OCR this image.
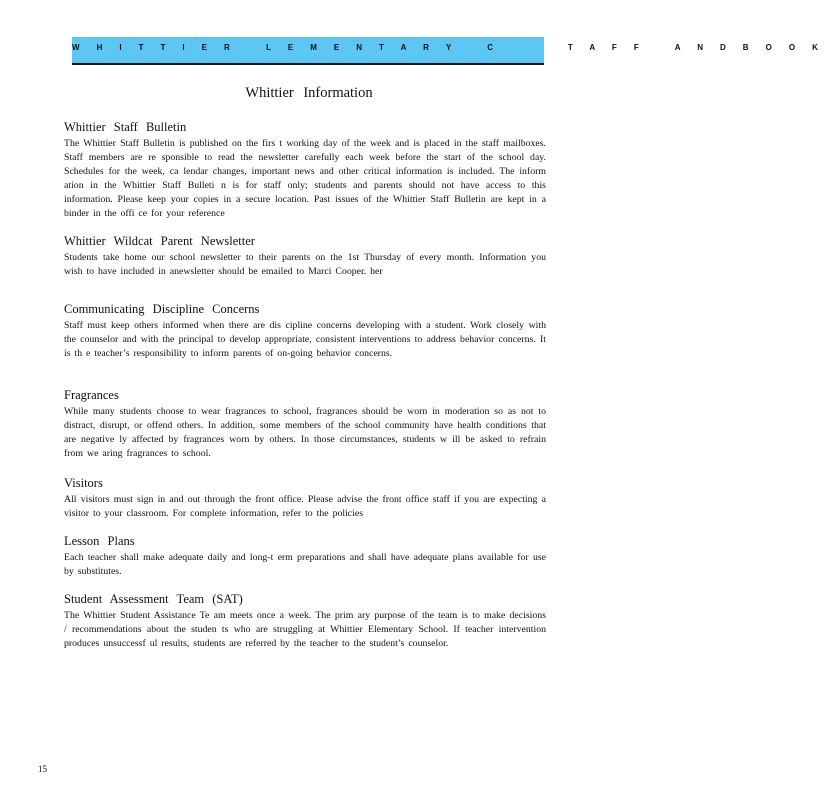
W H I T T I E R   L E M E N T A R Y   C       T A F F   A N D B O O K
Whittier Information
Whittier Staff Bulletin

The Whittier Staff Bulletin is published on the firs t working day of the week and is placed in the staff mailboxes. Staff members are re sponsible to read the newsletter carefully each week before the start of the school day. Schedules for the week, ca lendar changes, important news and other critical information is included. The inform ation in the Whittier Staff Bulleti n is for staff only; students and parents should not have access to this information. Please keep your copies in a secure location. Past issues of the Whittier Staff Bulletin are kept in a binder in the offi ce for your reference

Whittier Wildcat Parent Newsletter

Students take home our school newsletter to their parents on the 1st Thursday of every month. Information you wish to have included in anewsletter should be emailed to Marci Cooper. her

Communicating Discipline Concerns

Staff must keep others informed when there are dis cipline concerns developing with a student. Work closely with the counselor and with the principal to develop appropriate, consistent interventions to address behavior concerns. It is th e teacher’s responsibility to inform parents of on-going behavior concerns.

Fragrances

While many students choose to wear fragrances to school, fragrances should be worn in moderation so as not to distract, disrupt, or offend others. In addition, some members of the school community have health conditions that are negative ly affected by fragrances worn by others. In those circumstances, students w ill be asked to refrain from we aring fragrances to school.

Visitors

All visitors must sign in and out through the front office. Please advise the front office staff if you are expecting a visitor to your classroom. For complete information, refer to the policies

Lesson Plans

Each teacher shall make adequate daily and long-t erm preparations and shall have adequate plans available for use by substitutes.

Student Assessment Team (SAT)

The Whittier Student Assistance Te am meets once a week. The prim ary purpose of the team is to make decisions / recommendations about the studen ts who are struggling at Whittier Elementary School. If teacher intervention produces unsuccessf ul results, students are referred by the teacher to the student’s counselor.

15
